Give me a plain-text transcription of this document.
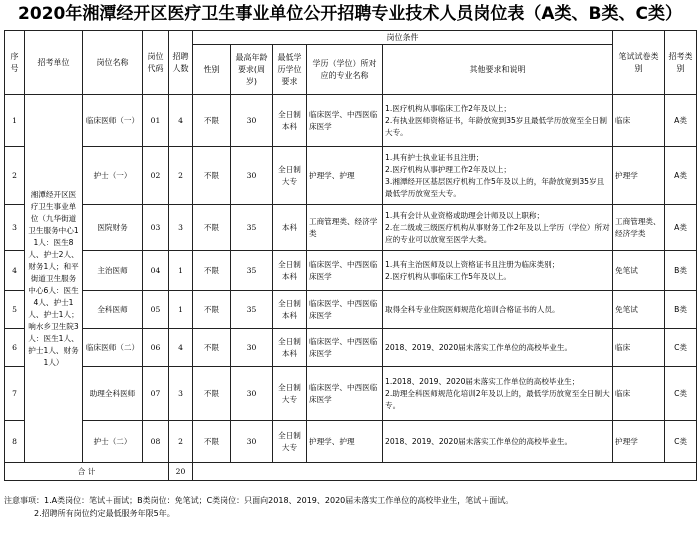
2020年湘潭经开区医疗卫生事业单位公开招聘专业技术人员岗位表（A类、B类、C类）
序号	招考单位	岗位名称	岗位代码	招聘人数	岗位条件					笔试试卷类别	招考类别
					性别	最高年龄要求(周岁)	最低学历学位要求	学历（学位）所对应的专业名称	其他要求和说明		
1	湘潭经开区医疗卫生事业单位（九华街道卫生服务中心11人：医生8人、护士2人、财务1人；和平街道卫生服务中心6人：医生4人、护士1人、护士1人；响水乡卫生院3人：医生1人、护士1人、财务1人）	临床医师（一）	01	4	不限	30	全日制本科	临床医学、中西医临床医学	1.医疗机构从事临床工作2年及以上；
2.有执业医师资格证书，年龄放宽到35岁且最低学历放宽至全日制大专。	临床	A类
2		护士（一）	02	2	不限	30	全日制大专	护理学、护理	1.具有护士执业证书且注册；
2.医疗机构从事护理工作2年及以上；
3.湘潭经开区基层医疗机构工作5年及以上的，年龄放宽到35岁且最低学历放宽至大专。	护理学	A类
3		医院财务	03	3	不限	35	本科	工商管理类、经济学类	1.具有会计从业资格或助理会计师及以上职称；
2.在二级或三级医疗机构从事财务工作2年及以上学历（学位）所对应的专业可以放宽至医学大类。	工商管理类、经济学类	A类
4		主治医师	04	1	不限	35	全日制本科	临床医学、中西医临床医学	1.具有主治医师及以上资格证书且注册为临床类别；
2.医疗机构从事临床工作5年及以上。	免笔试	B类
5		全科医师	05	1	不限	35	全日制本科	临床医学、中西医临床医学	取得全科专业住院医师规范化培训合格证书的人员。	免笔试	B类
6		临床医师（二）	06	4	不限	30	全日制本科	临床医学、中西医临床医学	2018、2019、2020届未落实工作单位的高校毕业生。	临床	C类
7		助理全科医师	07	3	不限	30	全日制大专	临床医学、中西医临床医学	1.2018、2019、2020届未落实工作单位的高校毕业生；
2.助理全科医师规范化培训2年及以上的，最低学历放宽至全日制大专。	临床	C类
8		护士（二）	08	2	不限	30	全日制大专	护理学、护理	2018、2019、2020届未落实工作单位的高校毕业生。	护理学	C类
合 计				20							
注意事项：1.A类岗位：笔试＋面试；B类岗位：免笔试；C类岗位：只面向2018、2019、2020届未落实工作单位的高校毕业生，笔试＋面试。
2.招聘所有岗位约定最低服务年限5年。
